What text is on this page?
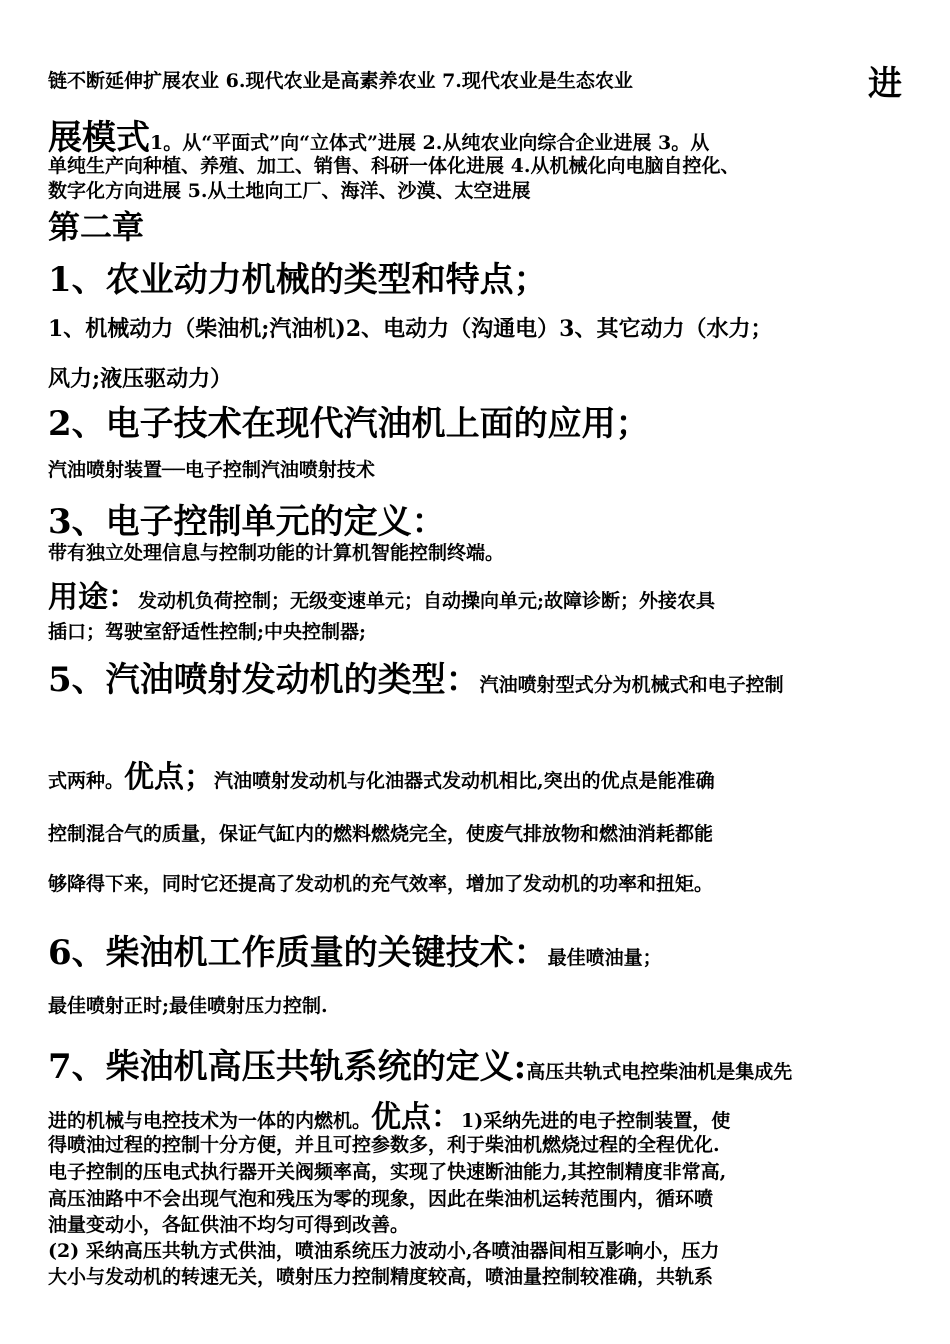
链不断延伸扩展农业 6.现代农业是高素养农业 7.现代农业是生态农业	进
展模式1。从“平面式”向“立体式”进展 2.从纯农业向综合企业进展 3。从
单纯生产向种植、养殖、加工、销售、科研一体化进展 4.从机械化向电脑自控化、
数字化方向进展 5.从土地向工厂、海洋、沙漠、太空进展
第二章
1、农业动力机械的类型和特点；
1、机械动力（柴油机;汽油机)2、电动力（沟通电）3、其它动力（水力；
风力;液压驱动力）
2、电子技术在现代汽油机上面的应用；
汽油喷射装置──电子控制汽油喷射技术
3、电子控制单元的定义：
带有独立处理信息与控制功能的计算机智能控制终端。
用途：发动机负荷控制；无级变速单元；自动操向单元;故障诊断；外接农具
插口；驾驶室舒适性控制;中央控制器;
5、汽油喷射发动机的类型：汽油喷射型式分为机械式和电子控制
式两种。优点；汽油喷射发动机与化油器式发动机相比,突出的优点是能准确
控制混合气的质量，保证气缸内的燃料燃烧完全，使废气排放物和燃油消耗都能
够降得下来，同时它还提高了发动机的充气效率，增加了发动机的功率和扭矩。
6、柴油机工作质量的关键技术：最佳喷油量；
最佳喷射正时;最佳喷射压力控制.
7、柴油机高压共轨系统的定义:高压共轨式电控柴油机是集成先
进的机械与电控技术为一体的内燃机。优点：1)采纳先进的电子控制装置，使
得喷油过程的控制十分方便，并且可控参数多，利于柴油机燃烧过程的全程优化.
电子控制的压电式执行器开关阀频率高，实现了快速断油能力,其控制精度非常高,
高压油路中不会出现气泡和残压为零的现象，因此在柴油机运转范围内，循环喷
油量变动小，各缸供油不均匀可得到改善。
(2) 采纳高压共轨方式供油，喷油系统压力波动小,各喷油器间相互影响小，压力
大小与发动机的转速无关，喷射压力控制精度较高，喷油量控制较准确，共轨系
